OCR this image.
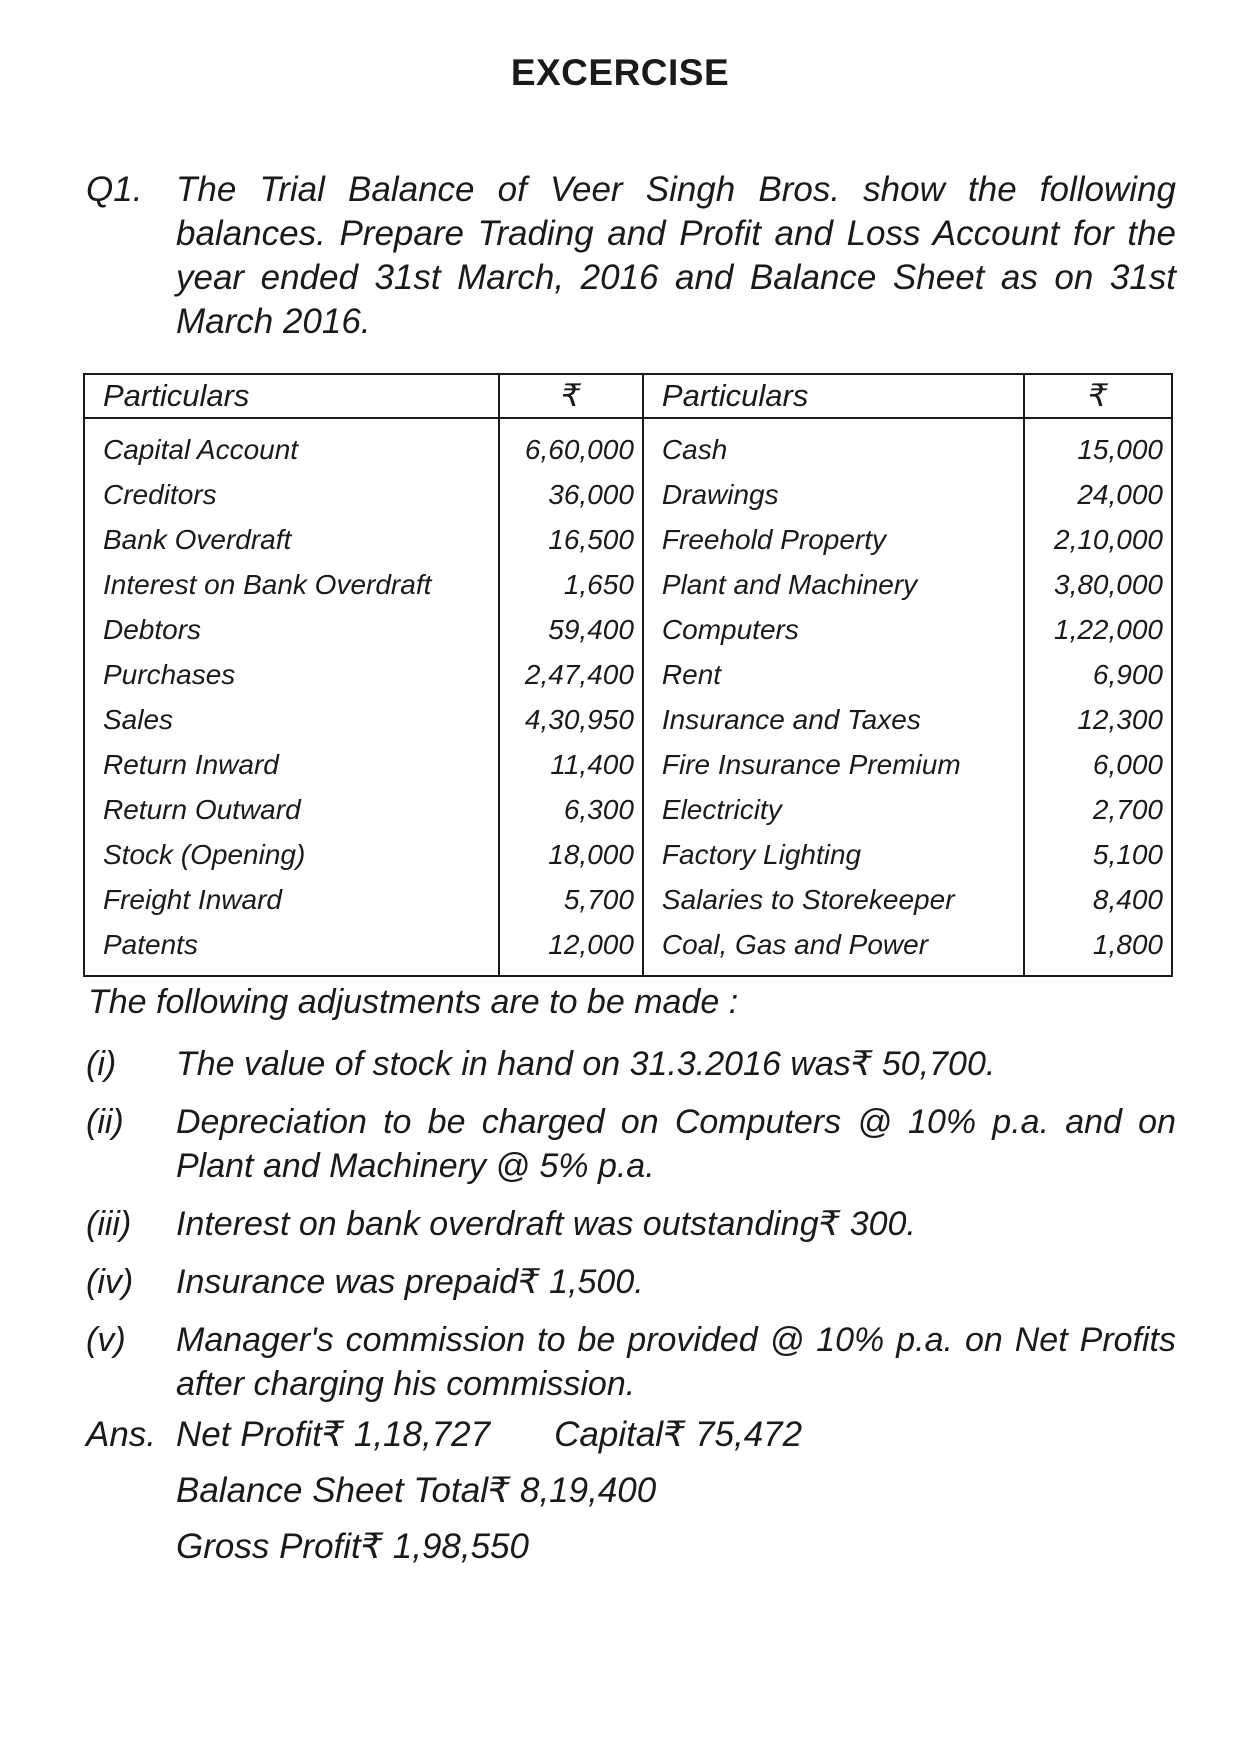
EXCERCISE
Q1. The Trial Balance of Veer Singh Bros. show the following balances. Prepare Trading and Profit and Loss Account for the year ended 31st March, 2016 and Balance Sheet as on 31st March 2016.
Particulars	₹	Particulars	₹
Capital Account	6,60,000	Cash	15,000
Creditors	36,000	Drawings	24,000
Bank Overdraft	16,500	Freehold Property	2,10,000
Interest on Bank Overdraft	1,650	Plant and Machinery	3,80,000
Debtors	59,400	Computers	1,22,000
Purchases	2,47,400	Rent	6,900
Sales	4,30,950	Insurance and Taxes	12,300
Return Inward	11,400	Fire Insurance Premium	6,000
Return Outward	6,300	Electricity	2,700
Stock (Opening)	18,000	Factory Lighting	5,100
Freight Inward	5,700	Salaries to Storekeeper	8,400
Patents	12,000	Coal, Gas and Power	1,800
The following adjustments are to be made :
(i) The value of stock in hand on 31.3.2016 was₹ 50,700.
(ii) Depreciation to be charged on Computers @ 10% p.a. and on Plant and Machinery @ 5% p.a.
(iii) Interest on bank overdraft was outstanding₹ 300.
(iv) Insurance was prepaid₹ 1,500.
(v) Manager's commission to be provided @ 10% p.a. on Net Profits after charging his commission.
Ans. Net Profit₹ 1,18,727 Capital₹ 75,472
Balance Sheet Total₹ 8,19,400
Gross Profit₹ 1,98,550
